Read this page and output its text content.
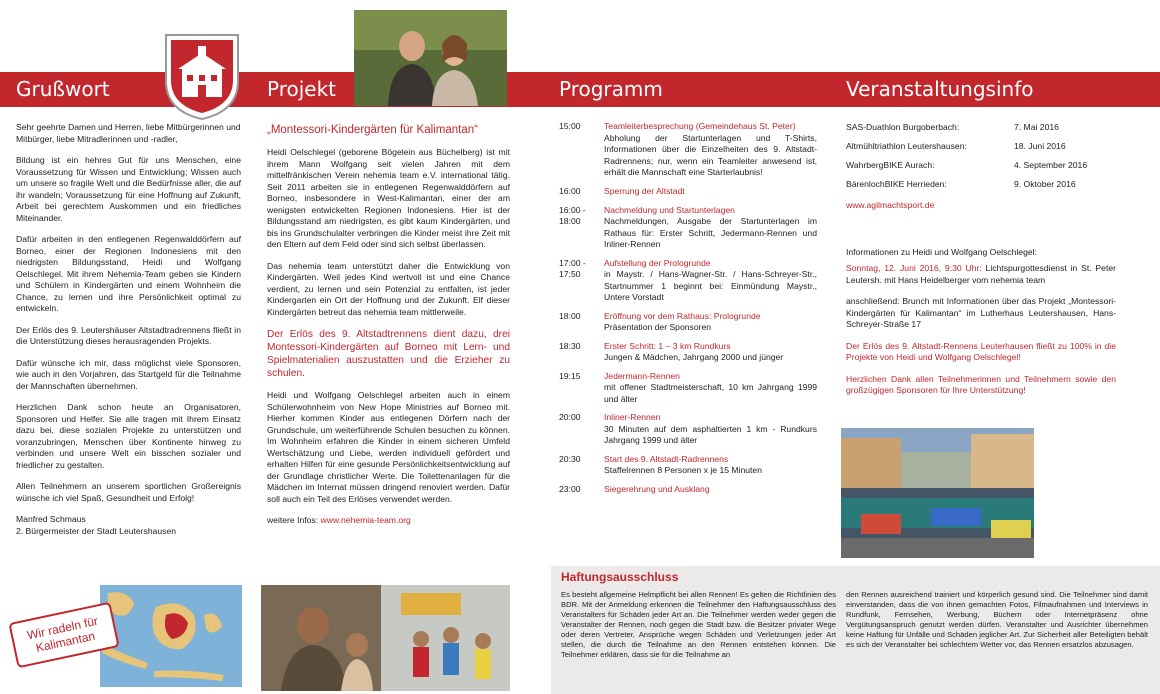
Grußwort	Projekt	Programm	Veranstaltungsinfo

Sehr geehrte Damen und Herren, liebe Mitbürgerinnen und Mitbürger, liebe Mitradlerinnen und -radler,

Bildung ist ein hehres Gut für uns Menschen, eine Voraussetzung für Wissen und Entwicklung; Wissen auch um unsere so fragile Welt und die Bedürfnisse aller, die auf ihr wandeln; Voraussetzung für eine Hoffnung auf Zukunft, Arbeit bei gerechtem Auskommen und ein friedliches Miteinander.

Dafür arbeiten in den entlegenen Regenwalddörfern auf Borneo, einer der Regionen Indonesiens mit den niedrigsten Bildungsstand, Heidi und Wolfgang Oelschlegel. Mit ihrem Nehemia-Team geben sie Kindern und Schülern in Kindergärten und einem Wohnheim die Chance, zu lernen und ihre Persönlichkeit optimal zu entwickeln.

Der Erlös des 9. Leutershäuser Altstadtradrennens fließt in die Unterstützung dieses herausragenden Projekts.

Dafür wünsche ich mir, dass möglichst viele Sponsoren, wie auch in den Vorjahren, das Startgeld für die Teilnahme der Mannschaften übernehmen.

Herzlichen Dank schon heute an Organisatoren, Sponsoren und Helfer. Sie alle tragen mit Ihrem Einsatz dazu bei, diese sozialen Projekte zu unterstützen und voranzubringen, Menschen über Kontinente hinweg zu verbinden und unsere Welt ein bisschen sozialer und friedlicher zu gestalten.

Allen Teilnehmern an unserem sportlichen Großereignis wünsche ich viel Spaß, Gesundheit und Erfolg!

Manfred Schmaus
2. Bürgermeister der Stadt Leutershausen
Wir radeln für Kalimantan
„Montessori-Kindergärten für Kalimantan“

Heidi Oelschlegel (geborene Bögelein aus Büchelberg) ist mit ihrem Mann Wolfgang seit vielen Jahren mit dem mittelfränkischen Verein nehemia team e.V. international tätig. Seit 2011 arbeiten sie in entlegenen Regenwalddörfern auf Borneo, insbesondere in West-Kalimantan, einer der am wenigsten entwickelten Regionen Indonesiens. Hier ist der Bildungsstand am niedrigsten, es gibt kaum Kindergärten, und bis ins Grundschulalter verbringen die Kinder meist ihre Zeit mit den Eltern auf dem Feld oder sind sich selbst überlassen.

Das nehemia team unterstützt daher die Entwicklung von Kindergärten. Weil jedes Kind wertvoll ist und eine Chance verdient, zu lernen und sein Potenzial zu entfalten, ist jeder Kindergarten ein Ort der Hoffnung und der Zukunft. Elf dieser Kindergärten betreut das nehemia team mittlerweile.

Der Erlös des 9. Altstadtrennens dient dazu, drei Montessori-Kindergärten auf Borneo mit Lern- und Spielmaterialien auszustatten und die Erzieher zu schulen.

Heidi und Wolfgang Oelschlegel arbeiten auch in einem Schülerwohnheim von New Hope Ministries auf Borneo mit. Hierher kommen Kinder aus entlegenen Dörfern nach der Grundschule, um weiterführende Schulen besuchen zu können. Im Wohnheim erfahren die Kinder in einem sicheren Umfeld Wertschätzung und Liebe, werden individuell gefördert und erhalten Hilfen für eine gesunde Persönlichkeitsentwicklung auf der Grundlage christlicher Werte. Die Toilettenanlagen für die Mädchen im Internat müssen dringend renoviert werden. Dafür soll auch ein Teil des Erlöses verwendet werden.

weitere Infos: www.nehemia-team.org
15:00	Teamleiterbesprechung (Gemeindehaus St. Peter)
Abholung der Startunterlagen und T-Shirts, Informationen über die Einzelheiten des 9. Altstadt-Radrennens; nur, wenn ein Teamleiter anwesend ist, erhält die Mannschaft eine Starterlaubnis!
16:00	Sperrung der Altstadt
16:00 - 18:00
Nachmeldung und Startunterlagen
Nachmeldungen, Ausgabe der Startunterlagen im Rathaus für: Erster Schritt, Jedermann-Rennen und Inliner-Rennen
17:00 - 17:50
Aufstellung der Prologrunde
in Maystr. / Hans-Wagner-Str. / Hans-Schreyer-Str., Startnummer 1 beginnt bei: Einmündung Maystr., Untere Vorstadt
18:00	Eröffnung vor dem Rathaus: Prologrunde
Präsentation der Sponsoren
18:30	Erster Schritt: 1 – 3 km Rundkurs
Jungen & Mädchen, Jahrgang 2000 und jünger
19:15	Jedermann-Rennen
mit offener Stadtmeisterschaft, 10 km Jahrgang 1999 und älter
20:00	Inliner-Rennen
30 Minuten auf dem asphaltierten 1 km - Rundkurs Jahrgang 1999 und älter
20:30	Start des 9. Altstadt-Radrennens
Staffelrennen 8 Personen x je 15 Minuten
23:00	Siegerehrung und Ausklang
SAS-Duathlon Burgoberbach:	7. Mai 2016
Altmühltriathlon Leutershausen:	18. Juni 2016
WahrbergBIKE Aurach:	4. September 2016
BärenlochBIKE Herrieden:	9. Oktober 2016
www.agilmachtsport.de
Informationen zu Heidi und Wolfgang Oelschlegel:

Sonntag, 12. Juni 2016, 9:30 Uhr: Lichtspurgottesdienst in St. Peter Leutersh. mit Hans Heidelberger vom nehemia team

anschließend: Brunch mit Informationen über das Projekt „Montessori-Kindergärten für Kalimantan“ im Lutherhaus Leutershausen, Hans-Schreyer-Straße 17

Der Erlös des 9. Altstadt-Rennens Leuterhausen fließt zu 100% in die Projekte von Heidi und Wolfgang Oelschlegel!

Herzlichen Dank allen Teilnehmerinnen und Teilnehmern sowie den großzügigen Sponsoren für Ihre Unterstützung!

Haftungsausschluss
Es besteht allgemeine Helmpflicht bei allen Rennen! Es gelten die Richtlinien des BDR. Mit der Anmeldung erkennen die Teilnehmer den Haftungsausschluss des Veranstalters für Schäden jeder Art an. Die Teilnehmer werden weder gegen die Veranstalter der Rennen, noch gegen die Stadt bzw. die Besitzer privater Wege oder deren Vertreter, Ansprüche wegen Schäden und Verletzungen jeder Art stellen, die durch die Teilnahme an den Rennen entstehen können. Die Teilnehmer erklären, dass sie für die Teilnahme an
den Rennen ausreichend trainiert und körperlich gesund sind. Die Teilnehmer sind damit einverstanden, dass die von ihnen gemachten Fotos, Filmaufnahmen und Interviews in Rundfunk, Fernsehen, Werbung, Büchern oder Internetpräsenz ohne Vergütungsanspruch genutzt werden dürfen. Veranstalter und Ausrichter übernehmen keine Haftung für Unfälle und Schäden jeglicher Art. Zur Sicherheit aller Beteiligten behält es sich der Veranstalter bei schlechtem Wetter vor, das Rennen ersatzlos abzusagen.
